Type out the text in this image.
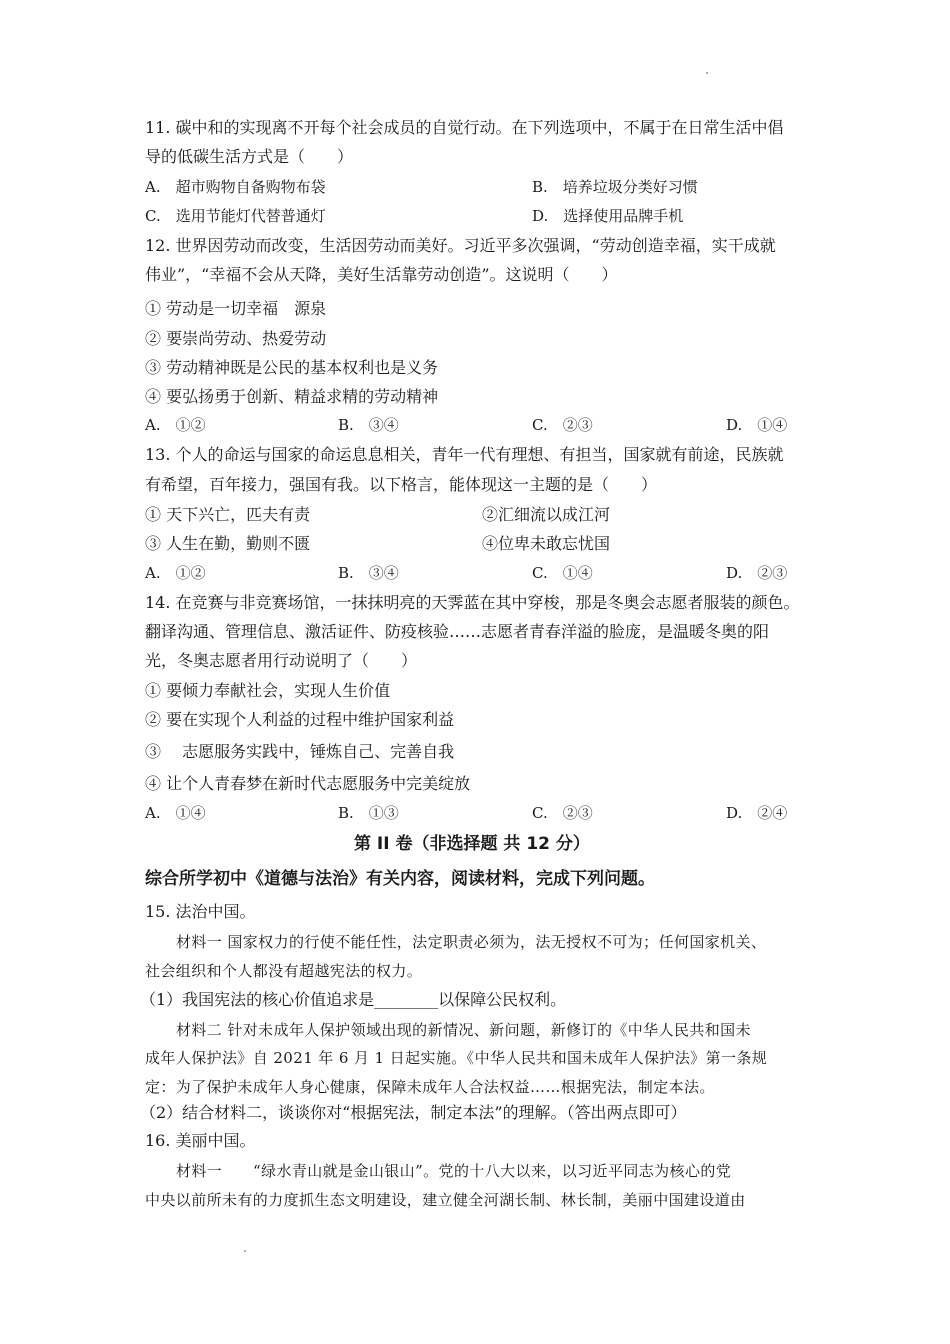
11. 碳中和的实现离不开每个社会成员的自觉行动。在下列选项中，不属于在日常生活中倡
导的低碳生活方式是（　　）
A.　超市购物自备购物布袋	B.　培养垃圾分类好习惯
C.　选用节能灯代替普通灯	D.　选择使用品牌手机
12. 世界因劳动而改变，生活因劳动而美好。习近平多次强调，“劳动创造幸福，实干成就
伟业”，“幸福不会从天降，美好生活靠劳动创造”。这说明（　　）
① 劳动是一切幸福　源泉
② 要崇尚劳动、热爱劳动
③ 劳动精神既是公民的基本权利也是义务
④ 要弘扬勇于创新、精益求精的劳动精神
A.　①②	B.　③④	C.　②③	D.　①④
13. 个人的命运与国家的命运息息相关，青年一代有理想、有担当，国家就有前途，民族就
有希望，百年接力，强国有我。以下格言，能体现这一主题的是（　　）
① 天下兴亡，匹夫有责	②汇细流以成江河
③ 人生在勤，勤则不匮	④位卑未敢忘忧国
A.　①②	B.　③④	C.　①④	D.　②③
14. 在竞赛与非竞赛场馆，一抹抹明亮的天霁蓝在其中穿梭，那是冬奥会志愿者服装的颜色。
翻译沟通、管理信息、激活证件、防疫核验……志愿者青春洋溢的脸庞，是温暖冬奥的阳
光，冬奥志愿者用行动说明了（　　）
① 要倾力奉献社会，实现人生价值
② 要在实现个人利益的过程中维护国家利益
③　 志愿服务实践中，锤炼自己、完善自我
④ 让个人青春梦在新时代志愿服务中完美绽放
A.　①④	B.　①③	C.　②③	D.　②④
第 II 卷（非选择题 共 12 分）
综合所学初中《道德与法治》有关内容，阅读材料，完成下列问题。
15. 法治中国。
材料一 国家权力的行使不能任性，法定职责必须为，法无授权不可为；任何国家机关、
社会组织和个人都没有超越宪法的权力。
（1）我国宪法的核心价值追求是________以保障公民权利。
材料二 针对未成年人保护领域出现的新情况、新问题，新修订的《中华人民共和国未
成年人保护法》自 2021 年 6 月 1 日起实施。《中华人民共和国未成年人保护法》第一条规
定：为了保护未成年人身心健康，保障未成年人合法权益……根据宪法，制定本法。
（2）结合材料二，谈谈你对“根据宪法，制定本法”的理解。（答出两点即可）
16. 美丽中国。
材料一　　“绿水青山就是金山银山”。党的十八大以来，以习近平同志为核心的党
中央以前所未有的力度抓生态文明建设，建立健全河湖长制、林长制，美丽中国建设道由
